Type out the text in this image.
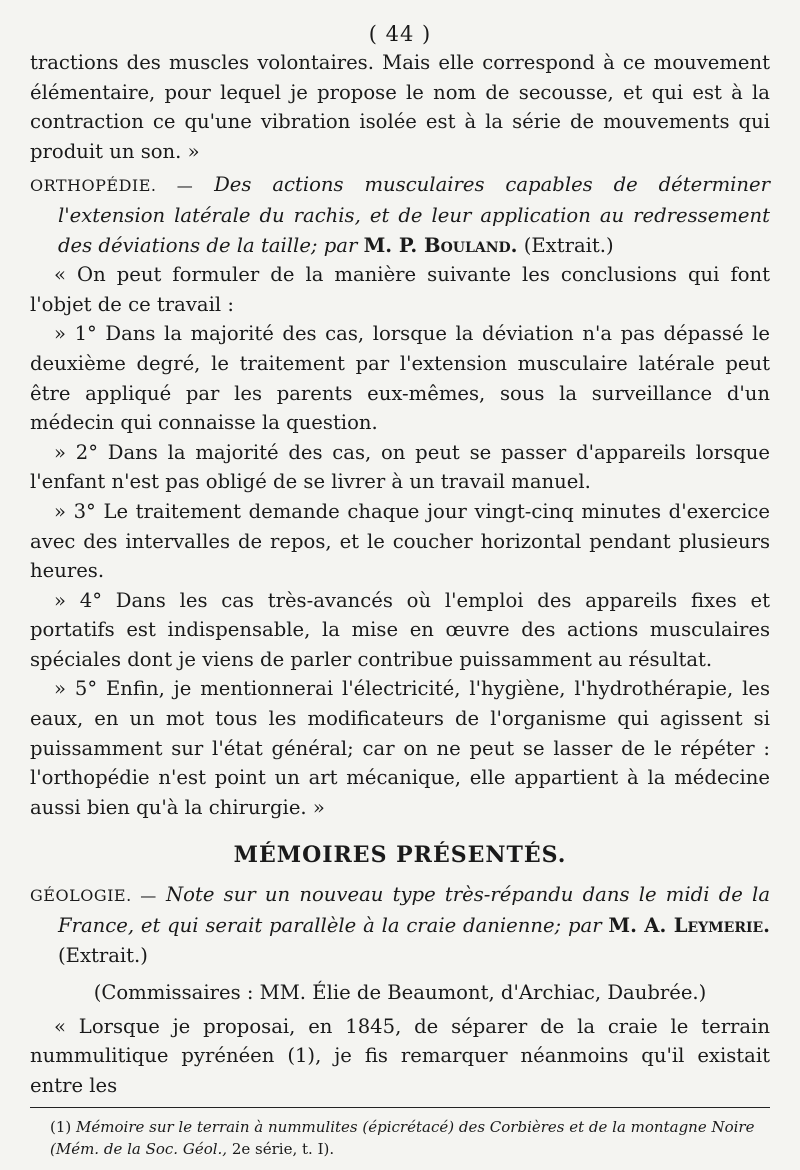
( 44 )

tractions des muscles volontaires. Mais elle correspond à ce mouvement élémentaire, pour lequel je propose le nom de secousse, et qui est à la contraction ce qu'une vibration isolée est à la série de mouvements qui produit un son. »

ORTHOPÉDIE. — Des actions musculaires capables de déterminer l'extension latérale du rachis, et de leur application au redressement des déviations de la taille; par M. P. Bouland. (Extrait.)

« On peut formuler de la manière suivante les conclusions qui font l'objet de ce travail :

» 1° Dans la majorité des cas, lorsque la déviation n'a pas dépassé le deuxième degré, le traitement par l'extension musculaire latérale peut être appliqué par les parents eux-mêmes, sous la surveillance d'un médecin qui connaisse la question.

» 2° Dans la majorité des cas, on peut se passer d'appareils lorsque l'enfant n'est pas obligé de se livrer à un travail manuel.

» 3° Le traitement demande chaque jour vingt-cinq minutes d'exercice avec des intervalles de repos, et le coucher horizontal pendant plusieurs heures.

» 4° Dans les cas très-avancés où l'emploi des appareils fixes et portatifs est indispensable, la mise en œuvre des actions musculaires spéciales dont je viens de parler contribue puissamment au résultat.

» 5° Enfin, je mentionnerai l'électricité, l'hygiène, l'hydrothérapie, les eaux, en un mot tous les modificateurs de l'organisme qui agissent si puissamment sur l'état général; car on ne peut se lasser de le répéter : l'orthopédie n'est point un art mécanique, elle appartient à la médecine aussi bien qu'à la chirurgie. »

MÉMOIRES PRÉSENTÉS.

GÉOLOGIE. — Note sur un nouveau type très-répandu dans le midi de la France, et qui serait parallèle à la craie danienne; par M. A. Leymerie. (Extrait.)

(Commissaires : MM. Élie de Beaumont, d'Archiac, Daubrée.)

« Lorsque je proposai, en 1845, de séparer de la craie le terrain nummulitique pyrénéen (1), je fis remarquer néanmoins qu'il existait entre les

(1) Mémoire sur le terrain à nummulites (épicrétacé) des Corbières et de la montagne Noire
(Mém. de la Soc. Géol., 2e série, t. I).
